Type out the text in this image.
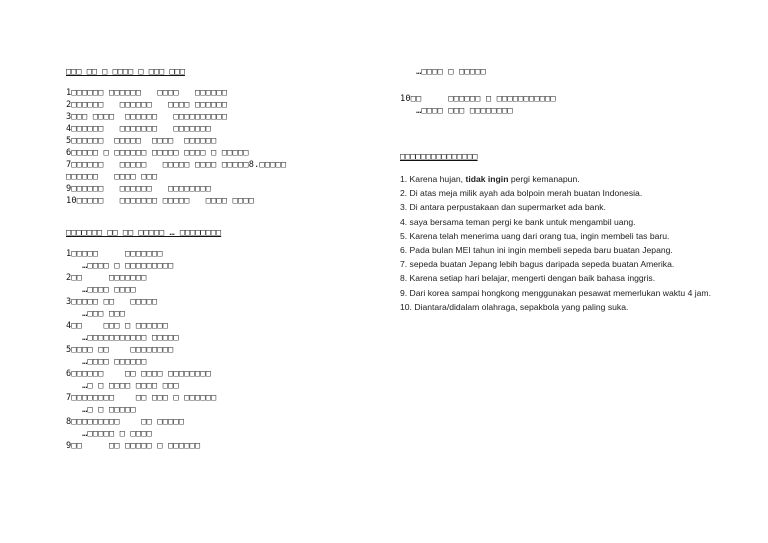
□□□ □□ □ □□□□ □ □□□ □□□
1□□□□□□ □□□□□□   □□□□   □□□□□□
2□□□□□□   □□□□□□   □□□□ □□□□□□
3□□□ □□□□  □□□□□□   □□□□□□□□□□
4□□□□□□   □□□□□□□   □□□□□□□
5□□□□□□  □□□□□  □□□□  □□□□□□
6□□□□□ □ □□□□□□ □□□□□ □□□□ □ □□□□□
7□□□□□□   □□□□□   □□□□□ □□□□ □□□□□8.□□□□□
□□□□□□   □□□□ □□□
9□□□□□□   □□□□□□   □□□□□□□□
10□□□□□   □□□□□□□ □□□□□   □□□□ □□□□
□□□□□□□ □□ □□ □□□□□ … □□□□□□□□
1□□□□□     □□□□□□□
…□□□□ □ □□□□□□□□□
2□□     □□□□□□□
…□□□□ □□□□
3□□□□□ □□   □□□□□
…□□□ □□□
4□□    □□□ □ □□□□□□
…□□□□□□□□□□□ □□□□□
5□□□□ □□    □□□□□□□□
…□□□□ □□□□□□
6□□□□□□    □□ □□□□ □□□□□□□□
…□ □ □□□□ □□□□ □□□
7□□□□□□□□    □□ □□□ □ □□□□□□
…□ □ □□□□□
8□□□□□□□□□    □□ □□□□□
…□□□□□ □ □□□□
9□□     □□ □□□□□ □ □□□□□□
…□□□□ □ □□□□□
10□□     □□□□□□ □ □□□□□□□□□□□
…□□□□ □□□ □□□□□□□□
□□□□□□□□□□□□□□□
1. Karena hujan, tidak ingin pergi kemanapun.
2. Di atas meja milik ayah ada bolpoin merah buatan Indonesia.
3. Di antara perpustakaan dan supermarket ada bank.
4. saya bersama teman pergi ke bank untuk mengambil uang.
5. Karena telah menerima uang dari orang tua, ingin membeli tas baru.
6. Pada bulan MEI tahun ini ingin membeli sepeda baru buatan Jepang.
7. sepeda buatan Jepang lebih bagus daripada sepeda buatan Amerika.
8. Karena setiap hari belajar, mengerti dengan baik bahasa inggris.
9. Dari korea sampai hongkong menggunakan pesawat memerlukan waktu 4 jam.
10. Diantara/didalam olahraga, sepakbola yang paling suka.
